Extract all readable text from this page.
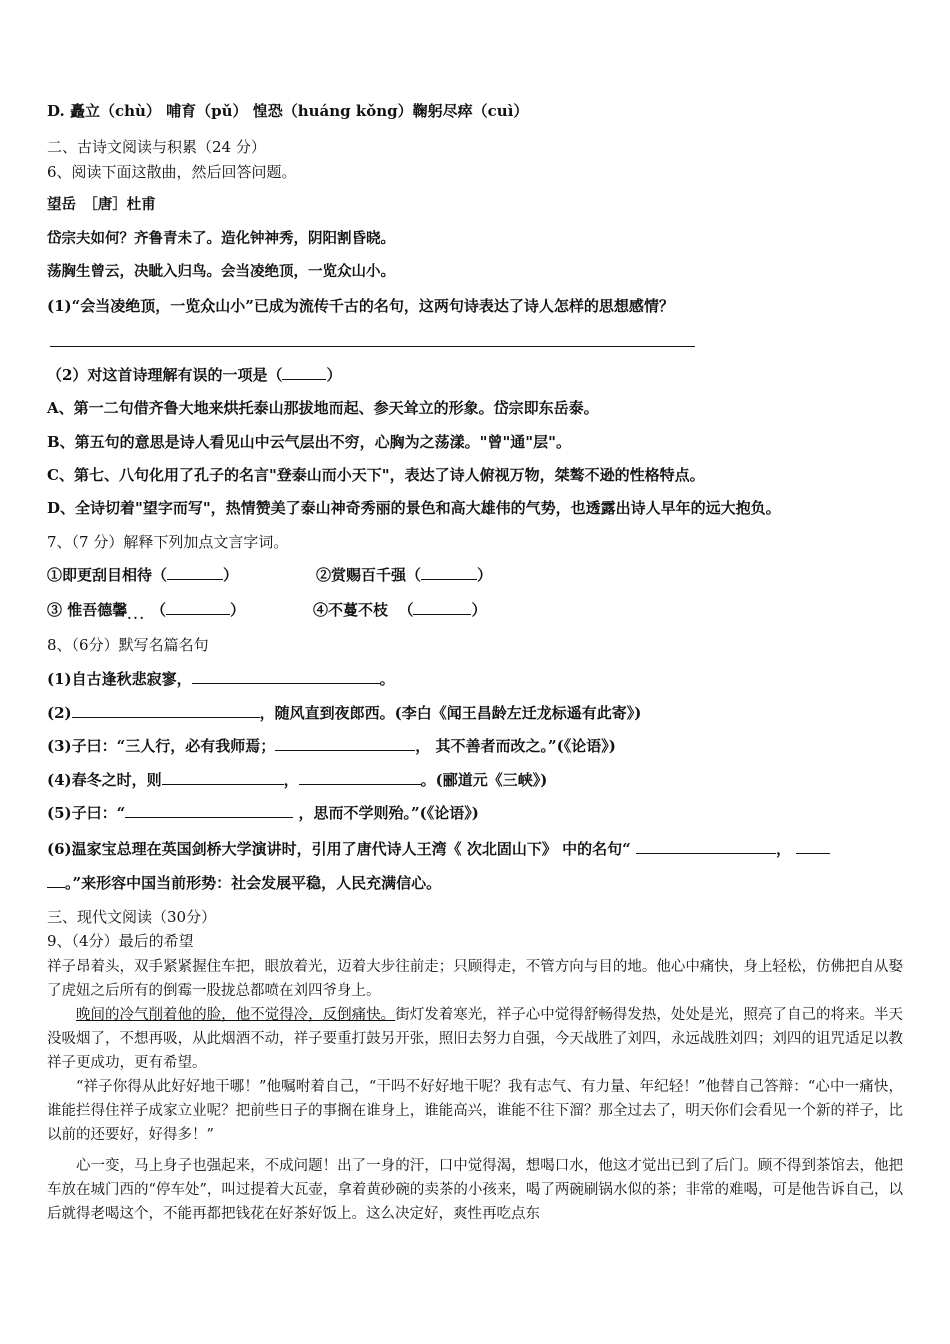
D. 矗立（chù） 哺育（pǔ） 惶恐（huáng kǒng）鞠躬尽瘁（cuì）
二、古诗文阅读与积累（24 分）
6、阅读下面这散曲，然后回答问题。
望岳　［唐］杜甫
岱宗夫如何？齐鲁青未了。造化钟神秀，阴阳割昏晓。
荡胸生曾云，决眦入归鸟。会当凌绝顶，一览众山小。
(1)“会当凌绝顶，一览众山小”已成为流传千古的名句，这两句诗表达了诗人怎样的思想感情？
（2）对这首诗理解有误的一项是（	）
A、第一二句借齐鲁大地来烘托泰山那拔地而起、参天耸立的形象。岱宗即东岳泰。
B、第五句的意思是诗人看见山中云气层出不穷，心胸为之荡漾。"曾"通"层"。
C、第七、八句化用了孔子的名言"登泰山而小天下"，表达了诗人俯视万物，桀骜不逊的性格特点。
D、全诗切着"望字而写"，热情赞美了泰山神奇秀丽的景色和高大雄伟的气势，也透露出诗人早年的远大抱负。
7、（7 分）解释下列加点文言字词。
①即更刮目相待（	）	②赏赐百千强（	）
③ 惟吾德馨$_{...}$ （	）	④不蔓不枝 （	）
8、（6分）默写名篇名句
(1)自古逢秋悲寂寥，	。
(2)	，随风直到夜郎西。(李白《闻王昌龄左迁龙标遥有此寄》)
(3)子曰：“三人行，必有我师焉；	， 其不善者而改之。”(《论语》)
(4)春冬之时，则	，	。(郦道元《三峡》)
(5)子曰：“	，思而不学则殆。”(《论语》)
(6)温家宝总理在英国剑桥大学演讲时，引用了唐代诗人王湾《 次北固山下》 中的名句“	，
。”来形容中国当前形势：社会发展平稳，人民充满信心。
三、现代文阅读（30分）
9、（4分）最后的希望
祥子昂着头，双手紧紧握住车把，眼放着光，迈着大步往前走；只顾得走，不管方向与目的地。他心中痛快，身上轻松，仿佛把自从娶了虎妞之后所有的倒霉一股拢总都喷在刘四爷身上。
晚间的冷气削着他的脸，他不觉得冷，反倒痛快。街灯发着寒光，祥子心中觉得舒畅得发热，处处是光，照亮了自己的将来。半天没吸烟了，不想再吸，从此烟酒不动，祥子要重打鼓另开张，照旧去努力自强，今天战胜了刘四，永远战胜刘四；刘四的诅咒适足以教祥子更成功，更有希望。
“祥子你得从此好好地干哪！”他嘱咐着自己，“干吗不好好地干呢？我有志气、有力量、年纪轻！”他替自己答辩：“心中一痛快，谁能拦得住祥子成家立业呢？把前些日子的事搁在谁身上，谁能高兴，谁能不往下溜？那全过去了，明天你们会看见一个新的祥子，比以前的还要好，好得多！”
心一变，马上身子也强起来，不成问题！出了一身的汗，口中觉得渴，想喝口水，他这才觉出已到了后门。顾不得到茶馆去，他把车放在城门西的“停车处”，叫过提着大瓦壶，拿着黄砂碗的卖茶的小孩来，喝了两碗刷锅水似的茶；非常的难喝，可是他告诉自己，以后就得老喝这个，不能再都把钱花在好茶好饭上。这么决定好，爽性再吃点东
